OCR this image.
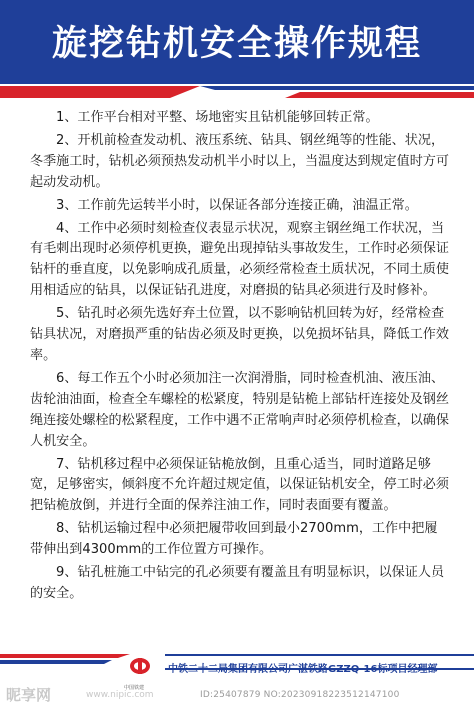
旋挖钻机安全操作规程

1、工作平台相对平整、场地密实且钻机能够回转正常。

2、开机前检查发动机、液压系统、钻具、钢丝绳等的性能、状况，冬季施工时，钻机必须预热发动机半小时以上，当温度达到规定值时方可起动发动机。

3、工作前先运转半小时，以保证各部分连接正确，油温正常。

4、工作中必须时刻检查仪表显示状况，观察主钢丝绳工作状况，当有毛刺出现时必须停机更换，避免出现掉钻头事故发生，工作时必须保证钻杆的垂直度，以免影响成孔质量，必须经常检查土质状况，不同土质使用相适应的钻具，以保证钻孔进度，对磨损的钻具必须进行及时修补。

5、钻孔时必须先选好弃土位置，以不影响钻机回转为好，经常检查钻具状况，对磨损严重的钻齿必须及时更换，以免损坏钻具，降低工作效率。

6、每工作五个小时必须加注一次润滑脂，同时检查机油、液压油、齿轮油油面，检查全车螺栓的松紧度，特别是钻桅上部钻杆连接处及钢丝绳连接处螺栓的松紧程度，工作中遇不正常响声时必须停机检查，以确保人机安全。

7、钻机移过程中必须保证钻桅放倒，且重心适当，同时道路足够宽，足够密实，倾斜度不允许超过规定值，以保证钻机安全，停工时必须把钻桅放倒，并进行全面的保养注油工作，同时表面要有覆盖。

8、钻机运输过程中必须把履带收回到最小2700mm，工作中把履带伸出到4300mm的工作位置方可操作。

9、钻孔桩施工中钻完的孔必须要有覆盖且有明显标识，以保证人员的安全。

中国铁建
中铁二十二局集团有限公司广湛铁路GZZQ-16标项目经理部
昵享网	www.nipic.com	ID:25407879 NO:20230918223512147100
